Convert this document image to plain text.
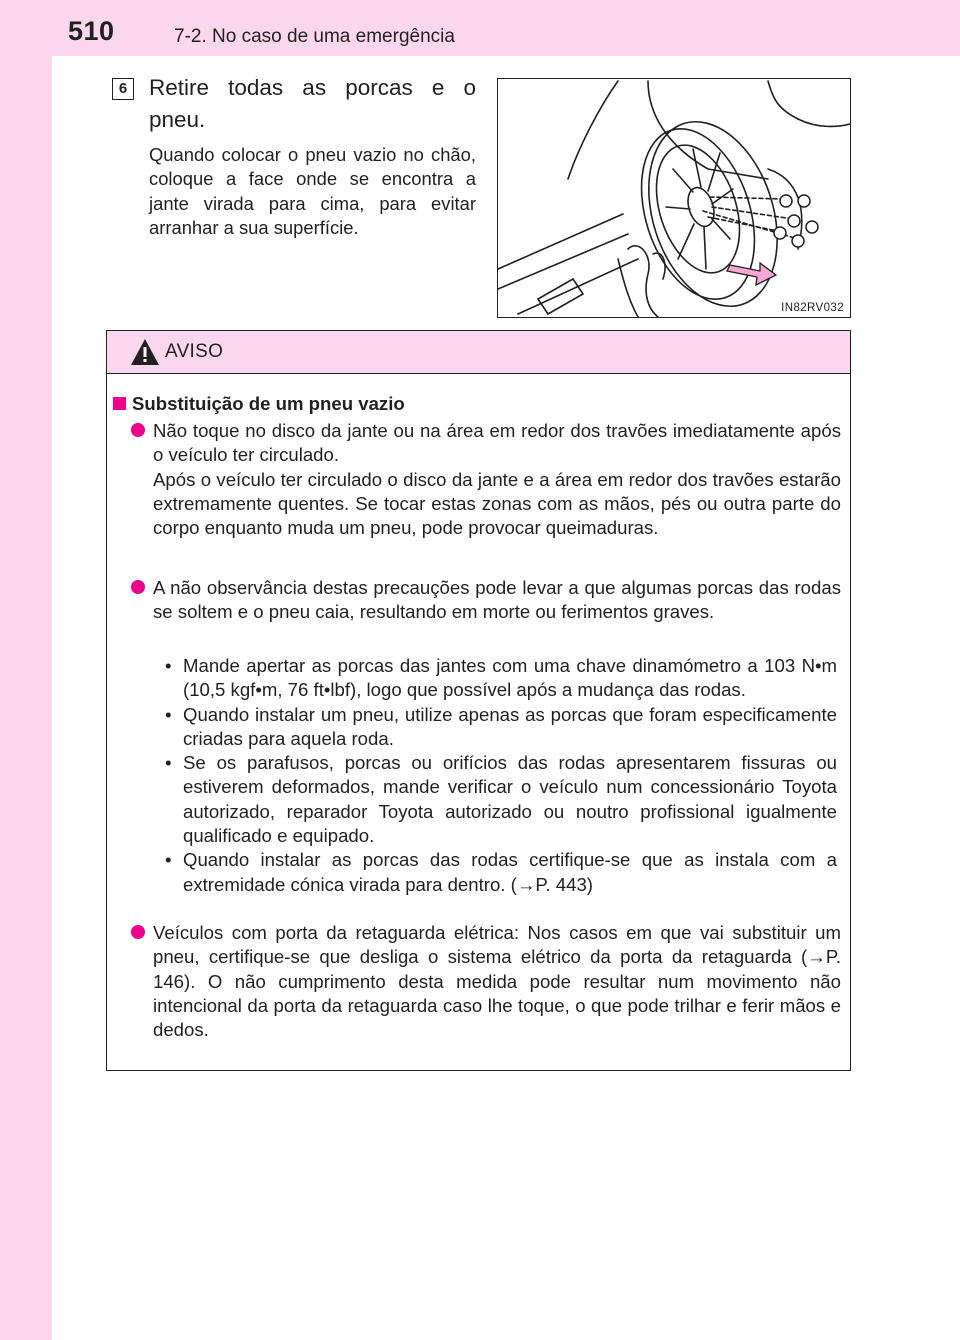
510	7-2. No caso de uma emergência
6 Retire todas as porcas e o pneu.
Quando colocar o pneu vazio no chão, coloque a face onde se encontra a jante virada para cima, para evitar arranhar a sua superfície.
IN82RV032
AVISO
Substituição de um pneu vazio

Não toque no disco da jante ou na área em redor dos travões imediatamente após o veículo ter circulado.

Após o veículo ter circulado o disco da jante e a área em redor dos travões estarão extremamente quentes. Se tocar estas zonas com as mãos, pés ou outra parte do corpo enquanto muda um pneu, pode provocar queimaduras.

A não observância destas precauções pode levar a que algumas porcas das rodas se soltem e o pneu caia, resultando em morte ou ferimentos graves.

• Mande apertar as porcas das jantes com uma chave dinamómetro a 103 N•m (10,5 kgf•m, 76 ft•lbf), logo que possível após a mudança das rodas.
• Quando instalar um pneu, utilize apenas as porcas que foram especificamente criadas para aquela roda.
• Se os parafusos, porcas ou orifícios das rodas apresentarem fissuras ou estiverem deformados, mande verificar o veículo num concessionário Toyota autorizado, reparador Toyota autorizado ou noutro profissional igualmente qualificado e equipado.
• Quando instalar as porcas das rodas certifique-se que as instala com a extremidade cónica virada para dentro. (→P. 443)

Veículos com porta da retaguarda elétrica: Nos casos em que vai substituir um pneu, certifique-se que desliga o sistema elétrico da porta da retaguarda (→P. 146). O não cumprimento desta medida pode resultar num movimento não intencional da porta da retaguarda caso lhe toque, o que pode trilhar e ferir mãos e dedos.
